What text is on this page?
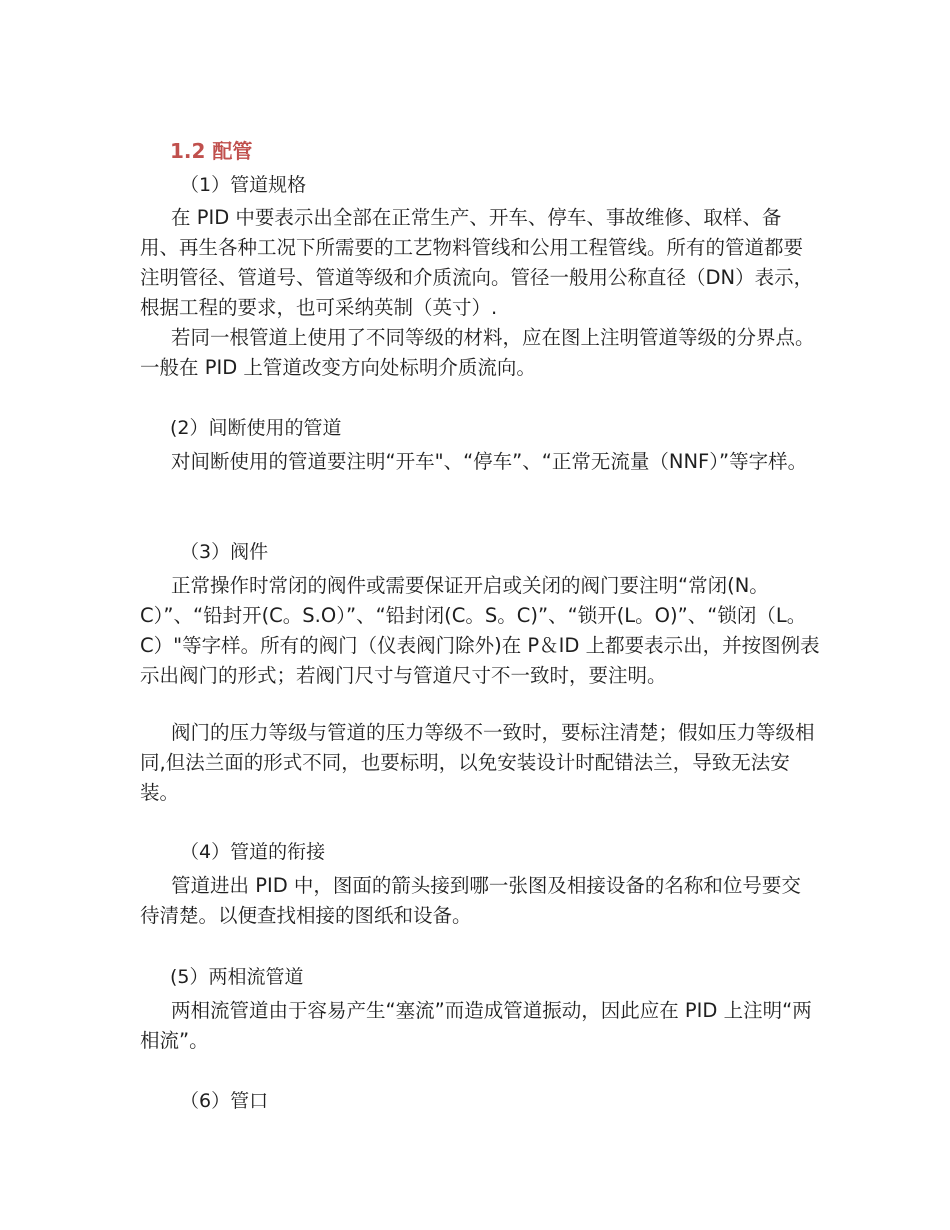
1.2 配管
（1）管道规格

在 PID 中要表示出全部在正常生产、开车、停车、事故维修、取样、备用、再生各种工况下所需要的工艺物料管线和公用工程管线。所有的管道都要注明管径、管道号、管道等级和介质流向。管径一般用公称直径（DN）表示，根据工程的要求，也可采纳英制（英寸）.

若同一根管道上使用了不同等级的材料，应在图上注明管道等级的分界点。一般在 PID 上管道改变方向处标明介质流向。

(2）间断使用的管道

对间断使用的管道要注明“开车"、“停车”、“正常无流量（NNF）”等字样。

（3）阀件

正常操作时常闭的阀件或需要保证开启或关闭的阀门要注明“常闭(N。C）”、“铅封开(C。S.O）”、“铅封闭(C。S。C)”、“锁开(L。O)”、“锁闭（L。C）"等字样。所有的阀门（仪表阀门除外)在 P＆ID 上都要表示出，并按图例表示出阀门的形式；若阀门尺寸与管道尺寸不一致时，要注明。

阀门的压力等级与管道的压力等级不一致时，要标注清楚；假如压力等级相同,但法兰面的形式不同，也要标明，以免安装设计时配错法兰，导致无法安装。

（4）管道的衔接

管道进出 PID 中，图面的箭头接到哪一张图及相接设备的名称和位号要交待清楚。以便查找相接的图纸和设备。

(5）两相流管道

两相流管道由于容易产生“塞流”而造成管道振动，因此应在 PID 上注明“两相流”。

（6）管口
